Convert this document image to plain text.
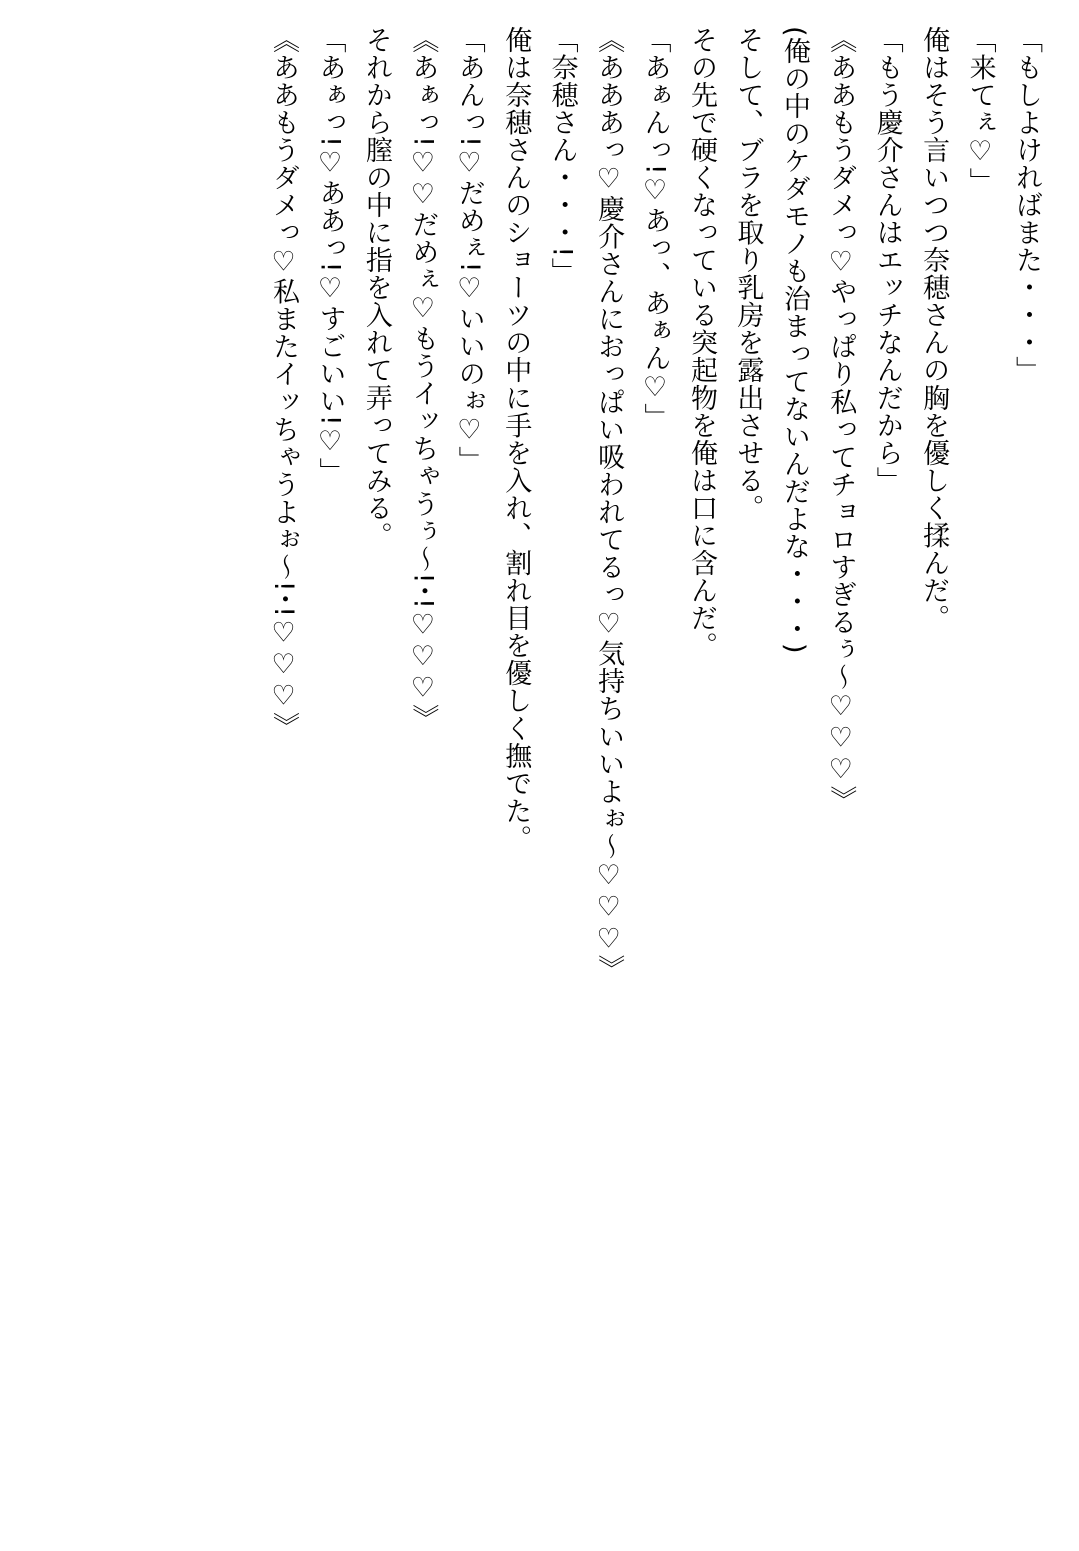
「もしよければまた・・・」

「来てぇ♡」

俺はそう言いつつ奈穂さんの胸を優しく揉んだ。

「もう慶介さんはエッチなんだから」

《ああもうダメっ♡やっぱり私ってチョロすぎるぅ～♡♡♡》

(俺の中のケダモノも治まってないんだよな・・・)

そして、ブラを取り乳房を露出させる。

その先で硬くなっている突起物を俺は口に含んだ。

「あぁんっ!♡あっ、あぁん♡」

《あああっ♡慶介さんにおっぱい吸われてるっ♡気持ちいいよぉ～♡♡♡》

「奈穂さん・・・!」

俺は奈穂さんのショーツの中に手を入れ、割れ目を優しく撫でた。

「あんっ!♡だめぇ!♡いいのぉ♡」

《あぁっ!♡♡だめぇ♡もうイッちゃうぅ～!･!♡♡♡》

それから膣の中に指を入れて弄ってみる。

「あぁっ!♡ああっ!♡すごいい!♡」

《ああもうダメっ♡私またイッちゃうよぉ～!･!♡♡♡》
